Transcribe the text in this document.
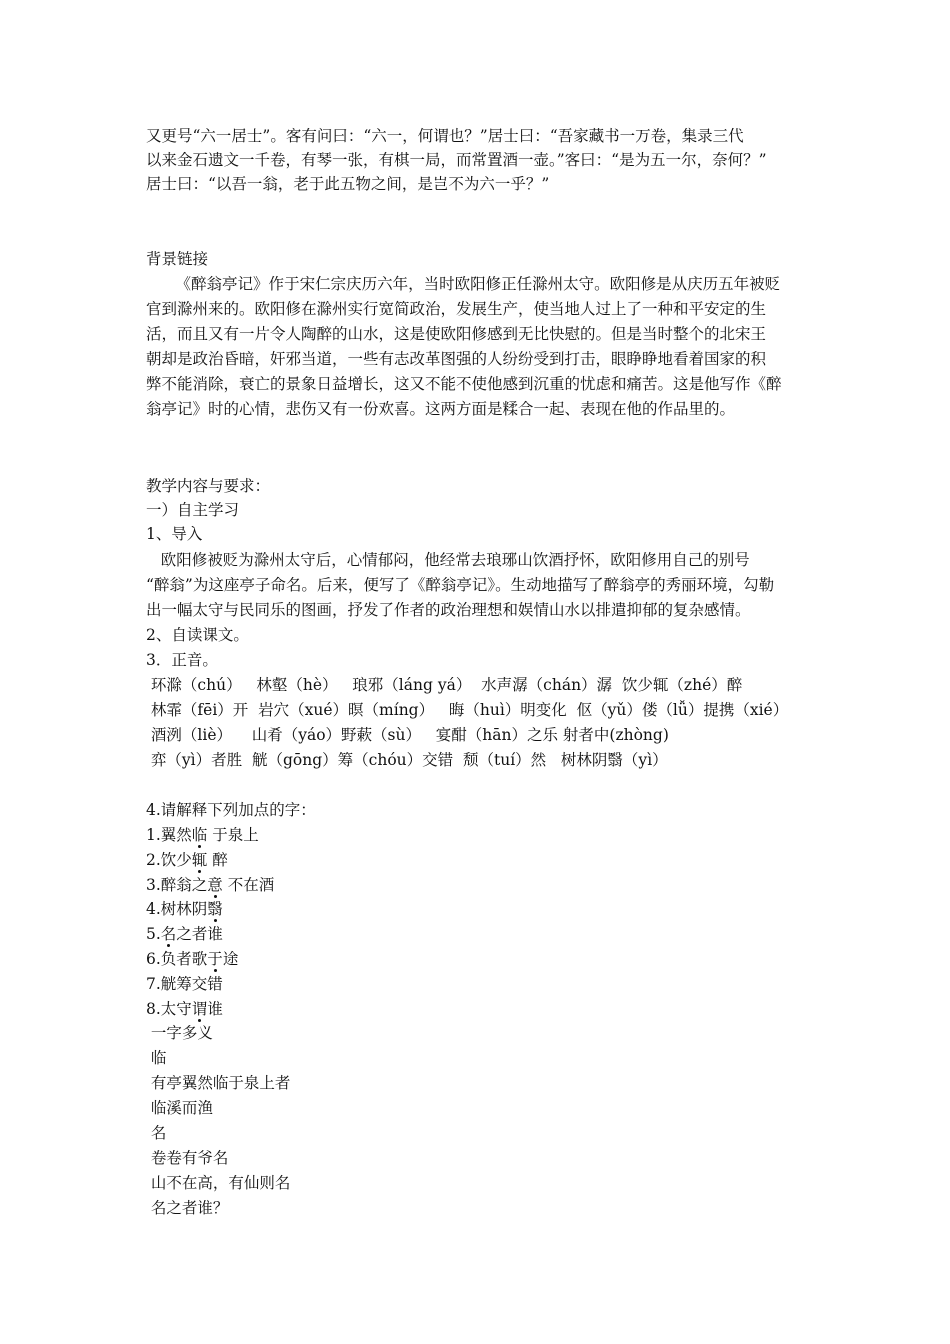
又更号“六一居士”。客有问曰：“六一，何谓也？”居士曰：“吾家藏书一万卷，集录三代
以来金石遗文一千卷，有琴一张，有棋一局，而常置酒一壶。”客曰：“是为五一尔，奈何？”
居士曰：“以吾一翁，老于此五物之间，是岂不为六一乎？”
背景链接
《醉翁亭记》作于宋仁宗庆历六年，当时欧阳修正任滁州太守。欧阳修是从庆历五年被贬
官到滁州来的。欧阳修在滁州实行宽简政治，发展生产，使当地人过上了一种和平安定的生
活，而且又有一片令人陶醉的山水，这是使欧阳修感到无比快慰的。但是当时整个的北宋王
朝却是政治昏暗，奸邪当道，一些有志改革图强的人纷纷受到打击，眼睁睁地看着国家的积
弊不能消除，衰亡的景象日益增长，这又不能不使他感到沉重的忧虑和痛苦。这是他写作《醉
翁亭记》时的心情，悲伤又有一份欢喜。这两方面是糅合一起、表现在他的作品里的。
教学内容与要求：
一）自主学习
1、导入
欧阳修被贬为滁州太守后，心情郁闷，他经常去琅琊山饮酒抒怀，欧阳修用自己的别号
“醉翁”为这座亭子命名。后来，便写了《醉翁亭记》。生动地描写了醉翁亭的秀丽环境，勾勒
出一幅太守与民同乐的图画，抒发了作者的政治理想和娱情山水以排遣抑郁的复杂感情。
2、自读课文。
3．正音。
环滁（chú）   林壑（hè）   琅邪（láng yá）  水声潺（chán）潺  饮少辄（zhé）醉
林霏（fēi）开  岩穴（xué）暝（míng）   晦（huì）明变化  伛（yǔ）偻（lǚ）提携（xié）
酒洌（liè）    山肴（yáo）野蔌（sù）   宴酣（hān）之乐 射者中(zhòng)
弈（yì）者胜  觥（gōng）筹（chóu）交错  颓（tuí）然   树林阴翳（yì）
4.请解释下列加点的字：
1.翼然临 于泉上
2.饮少辄 醉
3.醉翁之意 不在酒
4.树林阴翳
5.名之者谁
6.负者歌于途
7.觥筹交错
8.太守谓谁
一字多义
临
有亭翼然临于泉上者
临溪而渔
名
卷卷有爷名
山不在高，有仙则名
名之者谁？
